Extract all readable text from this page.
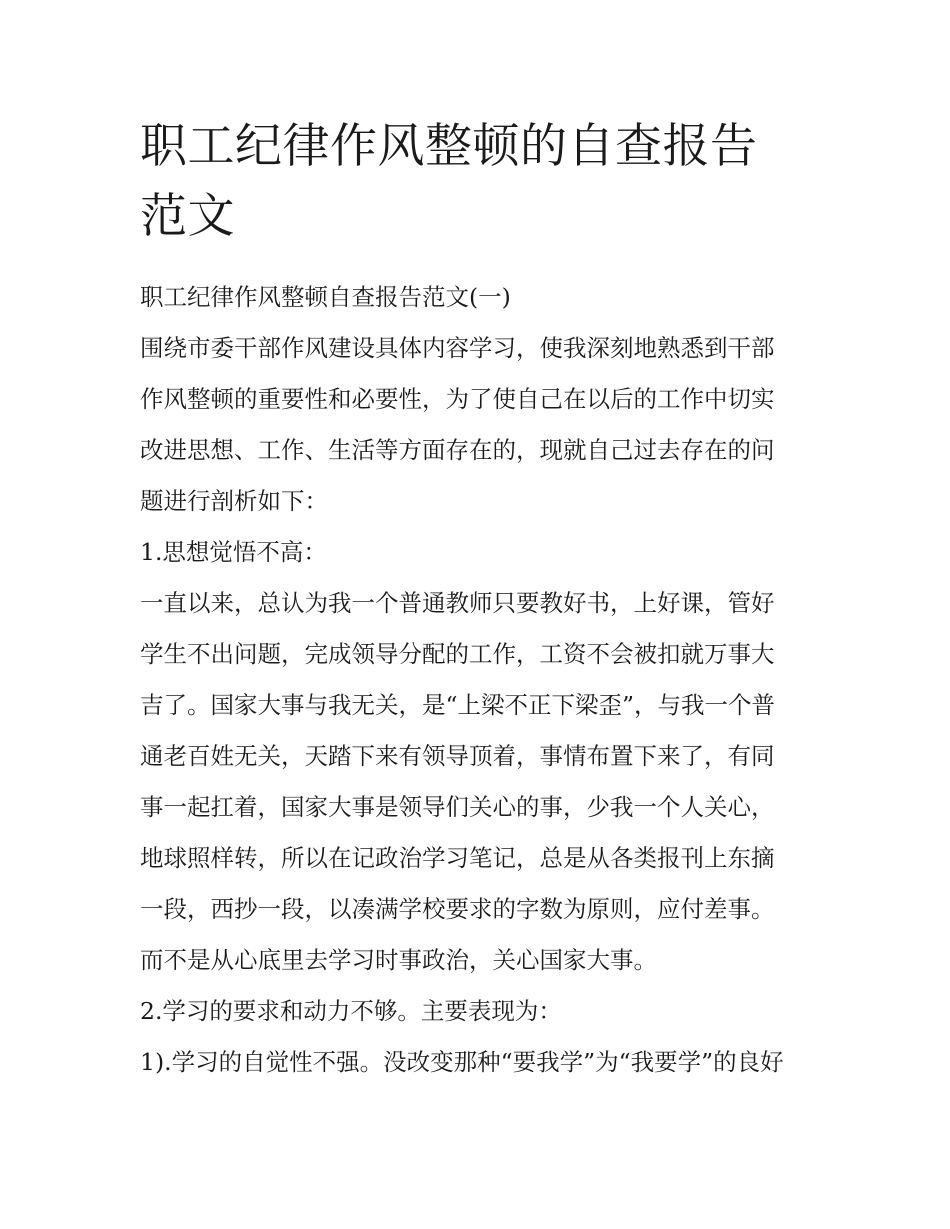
职工纪律作风整顿的自查报告
范文

职工纪律作风整顿自查报告范文(一)

围绕市委干部作风建设具体内容学习，使我深刻地熟悉到干部
作风整顿的重要性和必要性，为了使自己在以后的工作中切实
改进思想、工作、生活等方面存在的，现就自己过去存在的问
题进行剖析如下：

1.思想觉悟不高：

一直以来，总认为我一个普通教师只要教好书，上好课，管好
学生不出问题，完成领导分配的工作，工资不会被扣就万事大
吉了。国家大事与我无关，是“上梁不正下梁歪”，与我一个普
通老百姓无关，天踏下来有领导顶着，事情布置下来了，有同
事一起扛着，国家大事是领导们关心的事，少我一个人关心，
地球照样转，所以在记政治学习笔记，总是从各类报刊上东摘
一段，西抄一段，以凑满学校要求的字数为原则，应付差事。
而不是从心底里去学习时事政治，关心国家大事。

2.学习的要求和动力不够。主要表现为：

1).学习的自觉性不强。没改变那种“要我学”为“我要学”的良好
